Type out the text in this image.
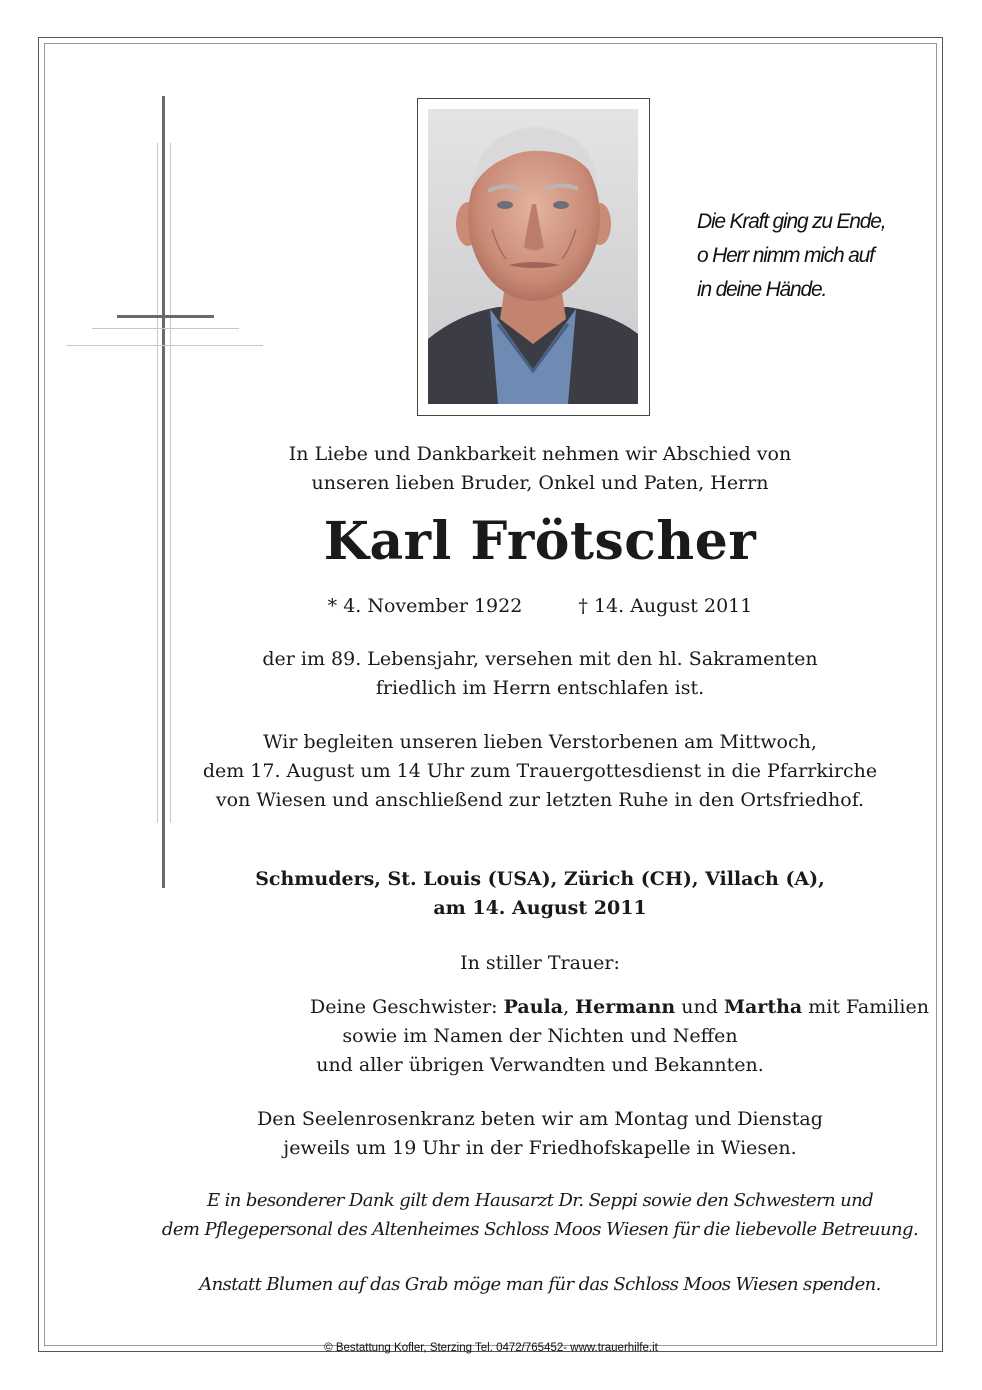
Die Kraft ging zu Ende,
o Herr nimm mich auf
in deine Hände.
In Liebe und Dankbarkeit nehmen wir Abschied von
unseren lieben Bruder, Onkel und Paten, Herrn
Karl Frötscher
* 4. November 1922	† 14. August 2011
der im 89. Lebensjahr, versehen mit den hl. Sakramenten
friedlich im Herrn entschlafen ist.
Wir begleiten unseren lieben Verstorbenen am Mittwoch,
dem 17. August um 14 Uhr zum Trauergottesdienst in die Pfarrkirche
von Wiesen und anschließend zur letzten Ruhe in den Ortsfriedhof.
Schmuders, St. Louis (USA), Zürich (CH), Villach (A),
am 14. August 2011
In stiller Trauer:
Deine Geschwister: Paula, Hermann und Martha mit Familien
sowie im Namen der Nichten und Neffen
und aller übrigen Verwandten und Bekannten.
Den Seelenrosenkranz beten wir am Montag und Dienstag
jeweils um 19 Uhr in der Friedhofskapelle in Wiesen.
E in besonderer Dank gilt dem Hausarzt Dr. Seppi sowie den Schwestern und
dem Pflegepersonal des Altenheimes Schloss Moos Wiesen für die liebevolle Betreuung.
Anstatt Blumen auf das Grab möge man für das Schloss Moos Wiesen spenden.
© Bestattung Kofler, Sterzing Tel. 0472/765452- www.trauerhilfe.it
